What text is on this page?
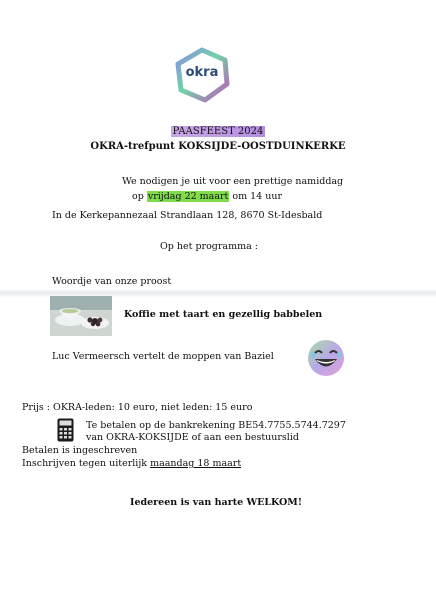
okra
PAASFEEST 2024
OKRA-trefpunt KOKSIJDE-OOSTDUINKERKE
We nodigen je uit voor een prettige namiddag
op vrijdag 22 maart om 14 uur
In de Kerkepannezaal Strandlaan 128, 8670 St-Idesbald
Op het programma :
Woordje van onze proost
Koffie met taart en gezellig babbelen
Luc Vermeersch vertelt de moppen van Baziel
Prijs : OKRA-leden: 10 euro, niet leden: 15 euro
Te betalen op de bankrekening BE54.7755.5744.7297
van OKRA-KOKSIJDE of aan een bestuurslid
Betalen is ingeschreven
Inschrijven tegen uiterlijk maandag 18 maart
Iedereen is van harte WELKOM!
